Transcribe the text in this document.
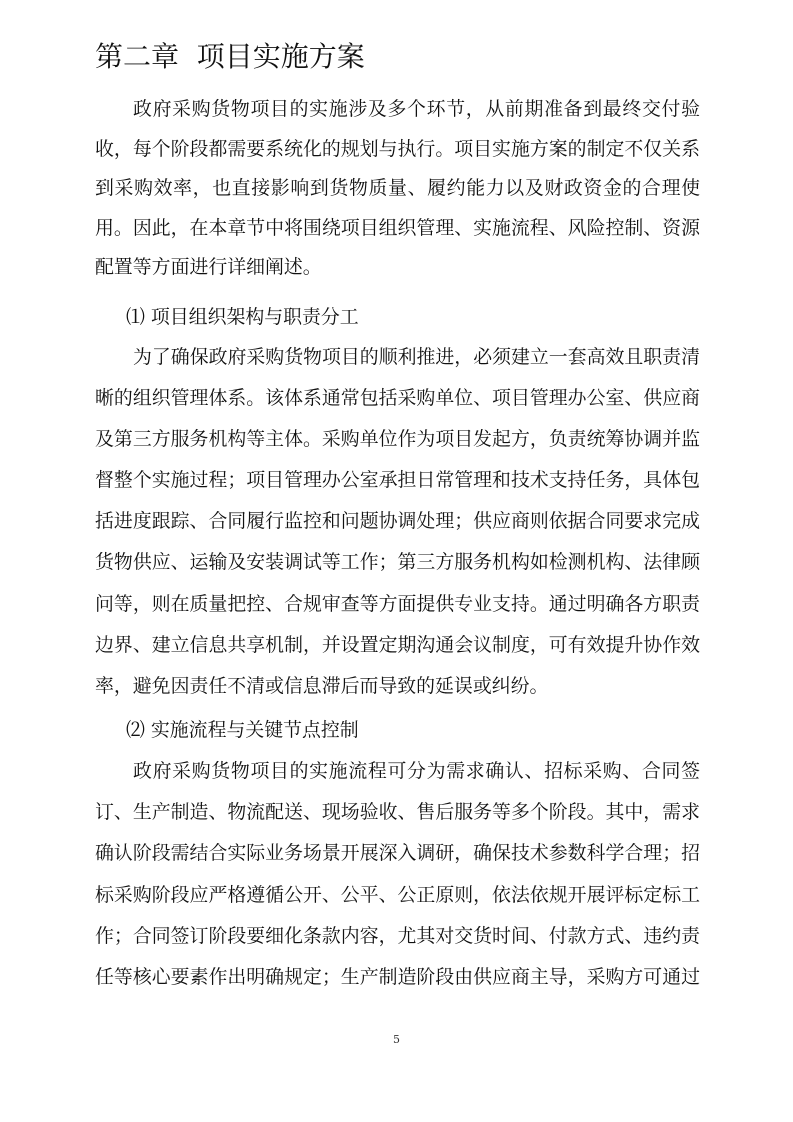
第二章  项目实施方案
政府采购货物项目的实施涉及多个环节，从前期准备到最终交付验
收，每个阶段都需要系统化的规划与执行。项目实施方案的制定不仅关系
到采购效率，也直接影响到货物质量、履约能力以及财政资金的合理使
用。因此，在本章节中将围绕项目组织管理、实施流程、风险控制、资源
配置等方面进行详细阐述。
⑴ 项目组织架构与职责分工
为了确保政府采购货物项目的顺利推进，必须建立一套高效且职责清
晰的组织管理体系。该体系通常包括采购单位、项目管理办公室、供应商
及第三方服务机构等主体。采购单位作为项目发起方，负责统筹协调并监
督整个实施过程；项目管理办公室承担日常管理和技术支持任务，具体包
括进度跟踪、合同履行监控和问题协调处理；供应商则依据合同要求完成
货物供应、运输及安装调试等工作；第三方服务机构如检测机构、法律顾
问等，则在质量把控、合规审查等方面提供专业支持。通过明确各方职责
边界、建立信息共享机制，并设置定期沟通会议制度，可有效提升协作效
率，避免因责任不清或信息滞后而导致的延误或纠纷。
⑵ 实施流程与关键节点控制
政府采购货物项目的实施流程可分为需求确认、招标采购、合同签
订、生产制造、物流配送、现场验收、售后服务等多个阶段。其中，需求
确认阶段需结合实际业务场景开展深入调研，确保技术参数科学合理；招
标采购阶段应严格遵循公开、公平、公正原则，依法依规开展评标定标工
作；合同签订阶段要细化条款内容，尤其对交货时间、付款方式、违约责
任等核心要素作出明确规定；生产制造阶段由供应商主导，采购方可通过
5
